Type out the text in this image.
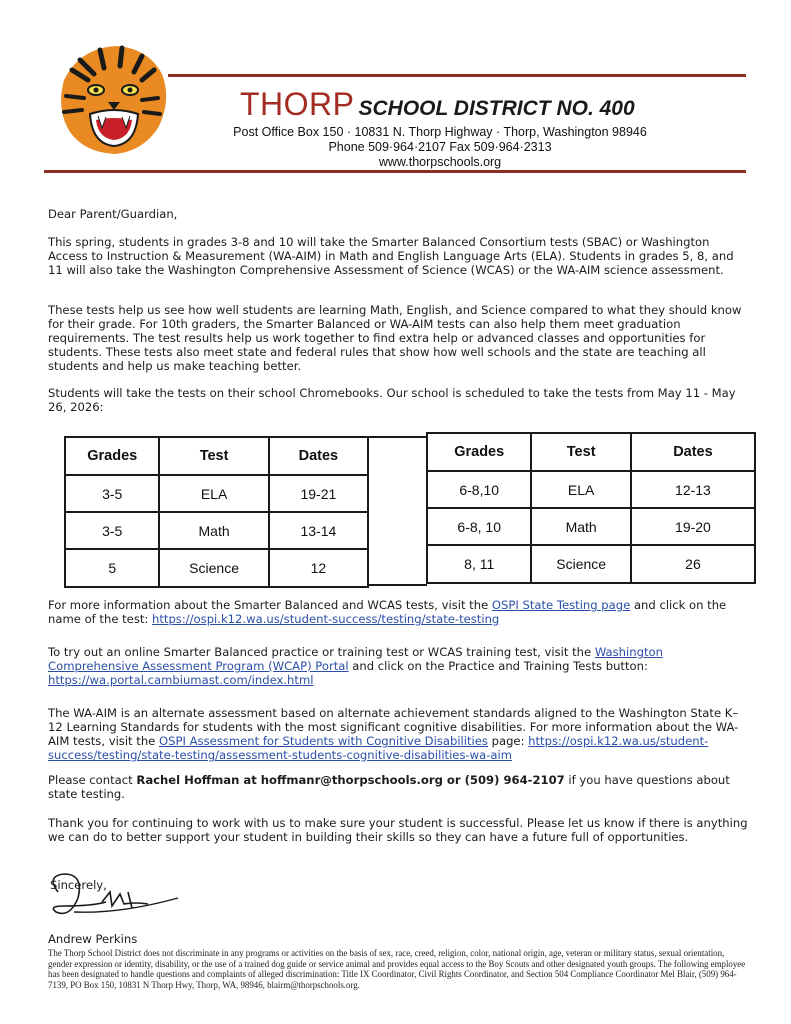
THORP SCHOOL DISTRICT NO. 400
Post Office Box 150 · 10831 N. Thorp Highway · Thorp, Washington 98946
Phone 509·964·2107 Fax 509·964·2313
www.thorpschools.org

Dear Parent/Guardian,

This spring, students in grades 3-8 and 10 will take the Smarter Balanced Consortium tests (SBAC) or Washington Access to Instruction & Measurement (WA-AIM) in Math and English Language Arts (ELA). Students in grades 5, 8, and 11 will also take the Washington Comprehensive Assessment of Science (WCAS) or the WA-AIM science assessment.

These tests help us see how well students are learning Math, English, and Science compared to what they should know for their grade. For 10th graders, the Smarter Balanced or WA-AIM tests can also help them meet graduation requirements. The test results help us work together to find extra help or advanced classes and opportunities for students. These tests also meet state and federal rules that show how well schools and the state are teaching all students and help us make teaching better.

Students will take the tests on their school Chromebooks. Our school is scheduled to take the tests from May 11 - May 26, 2026:

Grades	Test	Dates
3-5	ELA	19-21
3-5	Math	13-14
5	Science	12
Grades	Test	Dates
6-8,10	ELA	12-13
6-8, 10	Math	19-20
8, 11	Science	26

For more information about the Smarter Balanced and WCAS tests, visit the OSPI State Testing page and click on the name of the test: https://ospi.k12.wa.us/student-success/testing/state-testing

To try out an online Smarter Balanced practice or training test or WCAS training test, visit the Washington Comprehensive Assessment Program (WCAP) Portal and click on the Practice and Training Tests button: https://wa.portal.cambiumast.com/index.html

The WA-AIM is an alternate assessment based on alternate achievement standards aligned to the Washington State K–12 Learning Standards for students with the most significant cognitive disabilities. For more information about the WA-AIM tests, visit the OSPI Assessment for Students with Cognitive Disabilities page: https://ospi.k12.wa.us/student-success/testing/state-testing/assessment-students-cognitive-disabilities-wa-aim

Please contact Rachel Hoffman at hoffmanr@thorpschools.org or (509) 964-2107 if you have questions about state testing.

Thank you for continuing to work with us to make sure your student is successful. Please let us know if there is anything we can do to better support your student in building their skills so they can have a future full of opportunities.

Sincerely,

Andrew Perkins

The Thorp School District does not discriminate in any programs or activities on the basis of sex, race, creed, religion, color, national origin, age, veteran or military status, sexual orientation, gender expression or identity, disability, or the use of a trained dog guide or service animal and provides equal access to the Boy Scouts and other designated youth groups. The following employee has been designated to handle questions and complaints of alleged discrimination: Title IX Coordinator, Civil Rights Coordinator, and Section 504 Compliance Coordinator Mel Blair, (509) 964-7139, PO Box 150, 10831 N Thorp Hwy, Thorp, WA, 98946, blairm@thorpschools.org.
